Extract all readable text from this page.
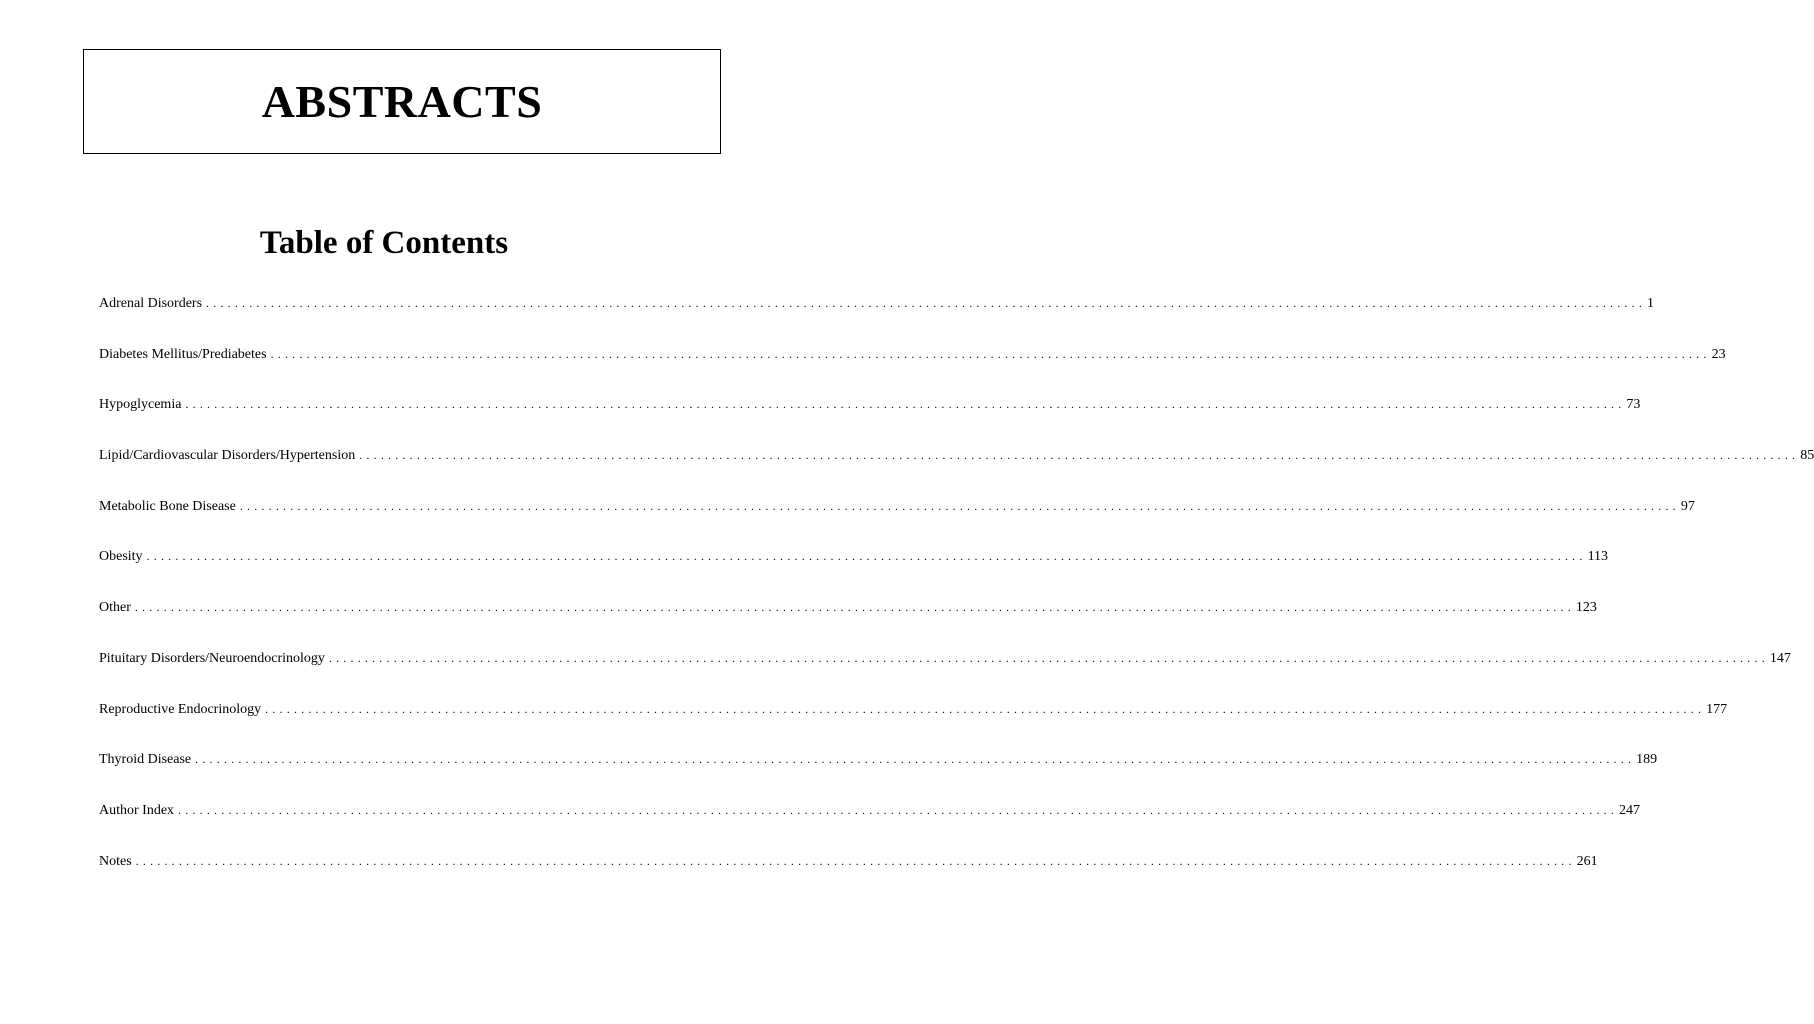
ABSTRACTS
Table of Contents
Adrenal Disorders ........................................................................................................................................................................................................ 1
Diabetes Mellitus/Prediabetes ........................................................................................................................................................................................................ 23
Hypoglycemia ........................................................................................................................................................................................................ 73
Lipid/Cardiovascular Disorders/Hypertension ........................................................................................................................................................................................................ 85
Metabolic Bone Disease ........................................................................................................................................................................................................ 97
Obesity ........................................................................................................................................................................................................ 113
Other ........................................................................................................................................................................................................ 123
Pituitary Disorders/Neuroendocrinology ........................................................................................................................................................................................................ 147
Reproductive Endocrinology ........................................................................................................................................................................................................ 177
Thyroid Disease ........................................................................................................................................................................................................ 189
Author Index ........................................................................................................................................................................................................ 247
Notes ........................................................................................................................................................................................................ 261
